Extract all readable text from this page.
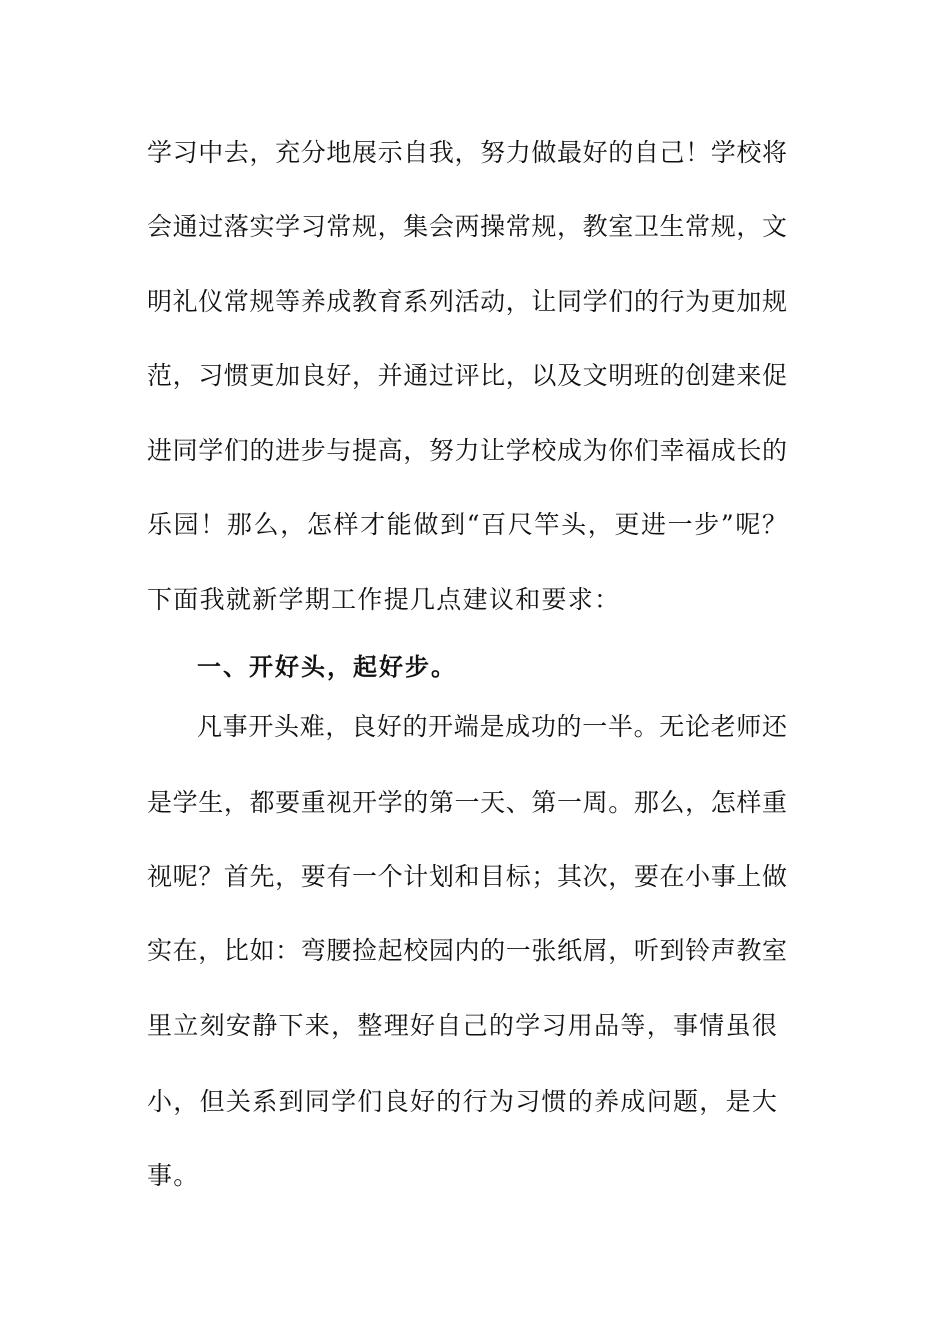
学习中去，充分地展示自我，努力做最好的自己！学校将
会通过落实学习常规，集会两操常规，教室卫生常规，文
明礼仪常规等养成教育系列活动，让同学们的行为更加规
范，习惯更加良好，并通过评比，以及文明班的创建来促
进同学们的进步与提高，努力让学校成为你们幸福成长的
乐园！那么，怎样才能做到“百尺竿头，更进一步”呢？
下面我就新学期工作提几点建议和要求：
一、开好头，起好步。
凡事开头难，良好的开端是成功的一半。无论老师还
是学生，都要重视开学的第一天、第一周。那么，怎样重
视呢？首先，要有一个计划和目标；其次，要在小事上做
实在，比如：弯腰捡起校园内的一张纸屑，听到铃声教室
里立刻安静下来，整理好自己的学习用品等，事情虽很
小，但关系到同学们良好的行为习惯的养成问题，是大
事。
